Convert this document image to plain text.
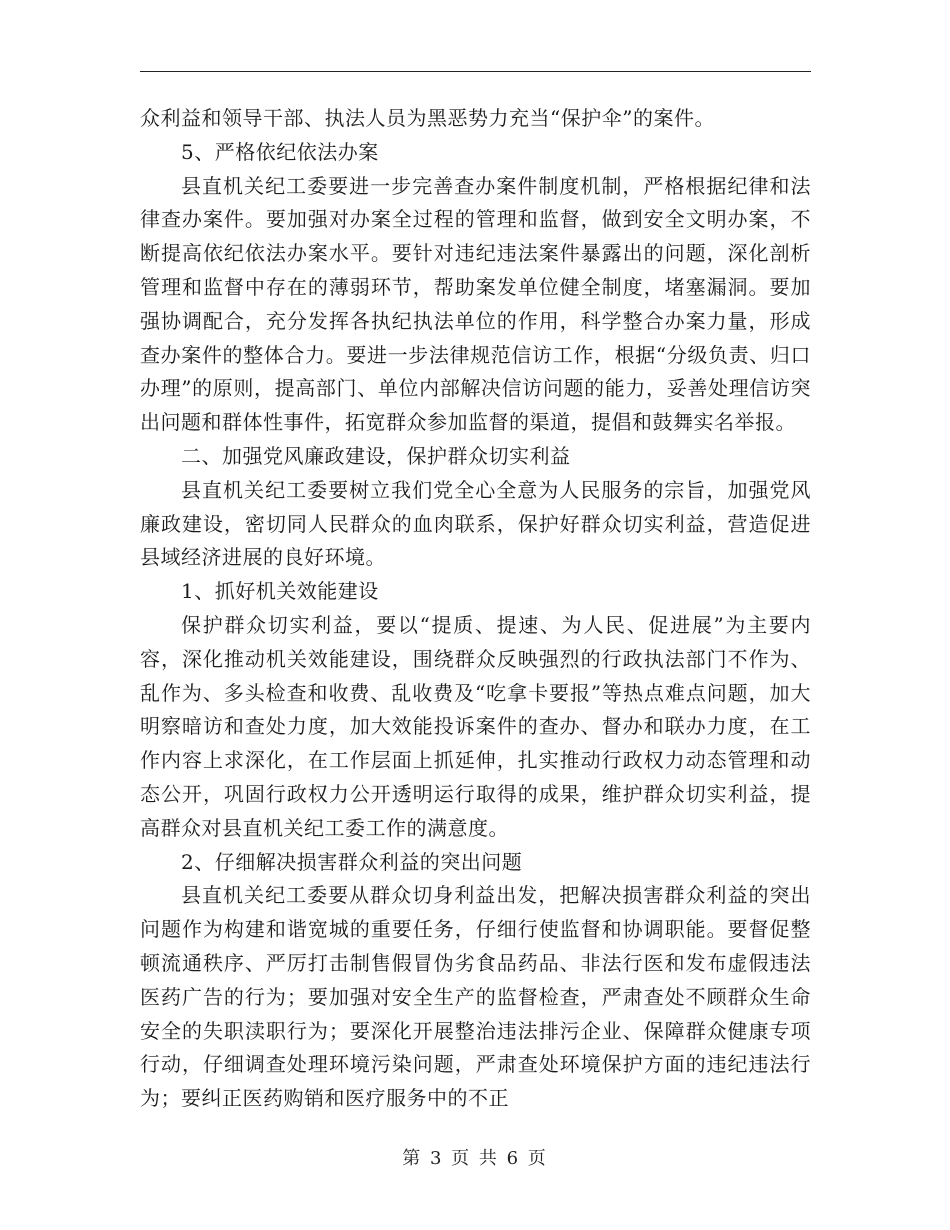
众利益和领导干部、执法人员为黑恶势力充当“保护伞”的案件。

5、严格依纪依法办案

县直机关纪工委要进一步完善查办案件制度机制，严格根据纪律和法律查办案件。要加强对办案全过程的管理和监督，做到安全文明办案，不断提高依纪依法办案水平。要针对违纪违法案件暴露出的问题，深化剖析管理和监督中存在的薄弱环节，帮助案发单位健全制度，堵塞漏洞。要加强协调配合，充分发挥各执纪执法单位的作用，科学整合办案力量，形成查办案件的整体合力。要进一步法律规范信访工作，根据“分级负责、归口办理”的原则，提高部门、单位内部解决信访问题的能力，妥善处理信访突出问题和群体性事件，拓宽群众参加监督的渠道，提倡和鼓舞实名举报。

二、加强党风廉政建设，保护群众切实利益

县直机关纪工委要树立我们党全心全意为人民服务的宗旨，加强党风廉政建设，密切同人民群众的血肉联系，保护好群众切实利益，营造促进县域经济进展的良好环境。

1、抓好机关效能建设

保护群众切实利益，要以“提质、提速、为人民、促进展”为主要内容，深化推动机关效能建设，围绕群众反映强烈的行政执法部门不作为、乱作为、多头检查和收费、乱收费及“吃拿卡要报”等热点难点问题，加大明察暗访和查处力度，加大效能投诉案件的查办、督办和联办力度，在工作内容上求深化，在工作层面上抓延伸，扎实推动行政权力动态管理和动态公开，巩固行政权力公开透明运行取得的成果，维护群众切实利益，提高群众对县直机关纪工委工作的满意度。

2、仔细解决损害群众利益的突出问题

县直机关纪工委要从群众切身利益出发，把解决损害群众利益的突出问题作为构建和谐宽城的重要任务，仔细行使监督和协调职能。要督促整顿流通秩序、严厉打击制售假冒伪劣食品药品、非法行医和发布虚假违法医药广告的行为；要加强对安全生产的监督检查，严肃查处不顾群众生命安全的失职渎职行为；要深化开展整治违法排污企业、保障群众健康专项行动，仔细调查处理环境污染问题，严肃查处环境保护方面的违纪违法行为；要纠正医药购销和医疗服务中的不正

第 3 页 共 6 页
